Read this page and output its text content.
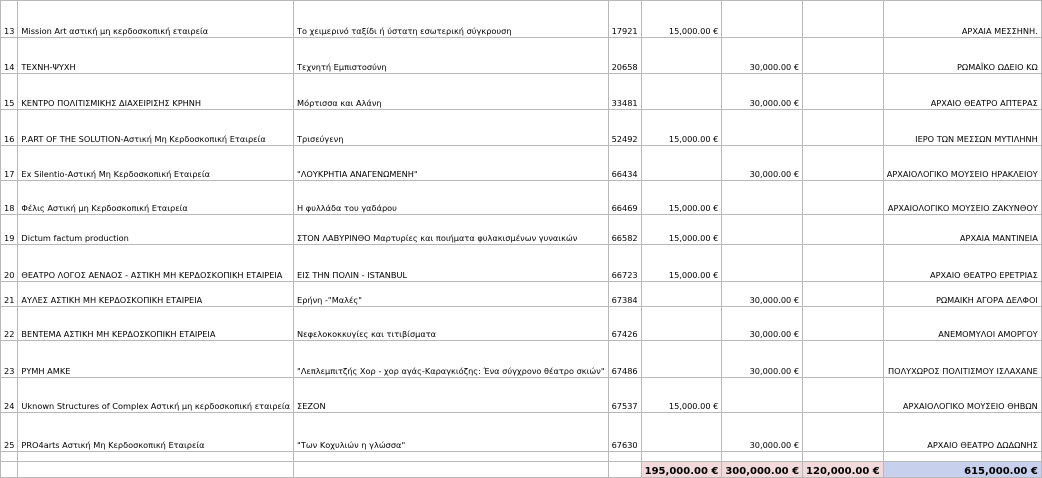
13	Mission Art αστική μη κερδοσκοπική εταιρεία	Το χειμερινό ταξίδι ή ύστατη εσωτερική σύγκρουση	17921	15,000.00 €			ΑΡΧΑΙΑ ΜΕΣΣΗΝΗ.
14	ΤΕΧΝΗ-ΨΥΧΗ	Τεχνητή Εμπιστοσύνη	20658		30,000.00 €		ΡΩΜΑΪΚΟ ΩΔΕΙΟ ΚΩ
15	ΚΕΝΤΡΟ ΠΟΛΙΤΙΣΜΙΚΗΣ ΔΙΑΧΕΙΡΙΣΗΣ ΚΡΗΝΗ	Μόρτισσα και Αλάνη	33481		30,000.00 €		ΑΡΧΑΙΟ ΘΕΑΤΡΟ ΑΠΤΕΡΑΣ
16	P.ART OF THE SOLUTION-Αστική Μη Κερδοσκοπική Εταιρεία	Τρισεύγενη	52492	15,000.00 €			ΙΕΡΟ ΤΩΝ ΜΕΣΣΩΝ ΜΥΤΙΛΗΝΗ
17	Ex Silentio-Αστική Μη Κερδοσκοπική Εταιρεία	"ΛΟΥΚΡΗΤΙΑ ΑΝΑΓΕΝΩΜΕΝΗ"	66434		30,000.00 €		ΑΡΧΑΙΟΛΟΓΙΚΟ ΜΟΥΣΕΙΟ ΗΡΑΚΛΕΙΟΥ
18	Φέλις Αστική μη Κερδοσκοπική Εταιρεία	Η φυλλάδα του γαδάρου	66469	15,000.00 €			ΑΡΧΑΙΟΛΟΓΙΚΟ ΜΟΥΣΕΙΟ ΖΑΚΥΝΘΟΥ
19	Dictum factum production	ΣΤΟΝ ΛΑΒΥΡΙΝΘΟ Μαρτυρίες και ποιήματα φυλακισμένων γυναικών	66582	15,000.00 €			ΑΡΧΑΙΑ ΜΑΝΤΙΝΕΙΑ
20	ΘΕΑΤΡΟ ΛΟΓΟΣ ΑΕΝΑΟΣ - ΑΣΤΙΚΗ ΜΗ ΚΕΡΔΟΣΚΟΠΙΚΗ ΕΤΑΙΡΕΙΑ	ΕΙΣ ΤΗΝ ΠΟΛΙΝ - ISTANBUL	66723	15,000.00 €			ΑΡΧΑΙΟ ΘΕΑΤΡΟ ΕΡΕΤΡΙΑΣ
21	ΑΥΛΕΣ ΑΣΤΙΚΗ ΜΗ ΚΕΡΔΟΣΚΟΠΙΚΗ ΕΤΑΙΡΕΙΑ	Ερήνη -"Μαλές"	67384		30,000.00 €		ΡΩΜΑΙΚΗ ΑΓΟΡΑ ΔΕΛΦΟΙ
22	ΒΕΝΤΕΜΑ ΑΣΤΙΚΗ ΜΗ ΚΕΡΔΟΣΚΟΠΙΚΗ ΕΤΑΙΡΕΙΑ	Νεφελοκοκκυγίες και τιτιβίσματα	67426		30,000.00 €		ΑΝΕΜΟΜΥΛΟΙ ΑΜΟΡΓΟΥ
23	ΡΥΜΗ ΑΜΚΕ	"Λεπλεμπιτζής Χορ - χορ αγάς-Καραγκιόζης: Ένα σύγχρονο θέατρο σκιών"	67486		30,000.00 €		ΠΟΛΥΧΩΡΟΣ ΠΟΛΙΤΙΣΜΟΥ ΙΣΛΑΧΑΝΕ
24	Uknown Structures of Complex Αστική μη κερδοσκοπική εταιρεία	ΣΕΖΟΝ	67537	15,000.00 €			ΑΡΧΑΙΟΛΟΓΙΚΟ ΜΟΥΣΕΙΟ ΘΗΒΩΝ
25	PRO4arts Αστική Μη Κερδοσκοπική Εταιρεία	"Των Κοχυλιών η γλώσσα"	67630		30,000.00 €		ΑΡΧΑΙΟ ΘΕΑΤΡΟ ΔΩΔΩΝΗΣ

				195,000.00 €	300,000.00 €	120,000.00 €	615,000.00 €
